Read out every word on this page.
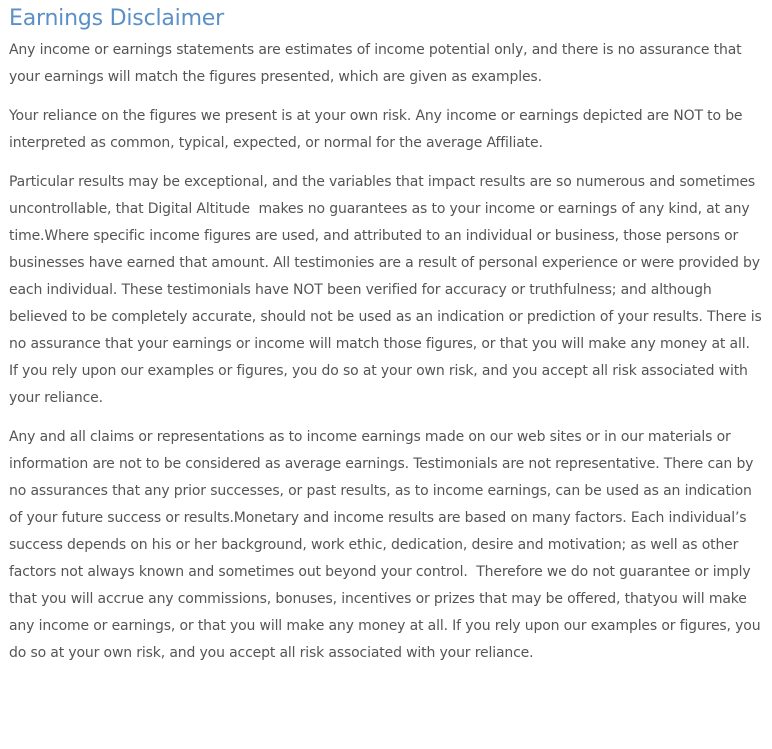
Earnings Disclaimer

Any income or earnings statements are estimates of income potential only, and there is no assurance that your earnings will match the figures presented, which are given as examples.

Your reliance on the figures we present is at your own risk. Any income or earnings depicted are NOT to be interpreted as common, typical, expected, or normal for the average Affiliate.

Particular results may be exceptional, and the variables that impact results are so numerous and sometimes uncontrollable, that Digital Altitude  makes no guarantees as to your income or earnings of any kind, at any time.Where specific income figures are used, and attributed to an individual or business, those persons or businesses have earned that amount. All testimonies are a result of personal experience or were provided by each individual. These testimonials have NOT been verified for accuracy or truthfulness; and although believed to be completely accurate, should not be used as an indication or prediction of your results. There is no assurance that your earnings or income will match those figures, or that you will make any money at all.  If you rely upon our examples or figures, you do so at your own risk, and you accept all risk associated with your reliance.

Any and all claims or representations as to income earnings made on our web sites or in our materials or information are not to be considered as average earnings. Testimonials are not representative. There can by no assurances that any prior successes, or past results, as to income earnings, can be used as an indication of your future success or results.Monetary and income results are based on many factors. Each individual’s success depends on his or her background, work ethic, dedication, desire and motivation; as well as other factors not always known and sometimes out beyond your control.  Therefore we do not guarantee or imply that you will accrue any commissions, bonuses, incentives or prizes that may be offered, thatyou will make any income or earnings, or that you will make any money at all. If you rely upon our examples or figures, you do so at your own risk, and you accept all risk associated with your reliance.
